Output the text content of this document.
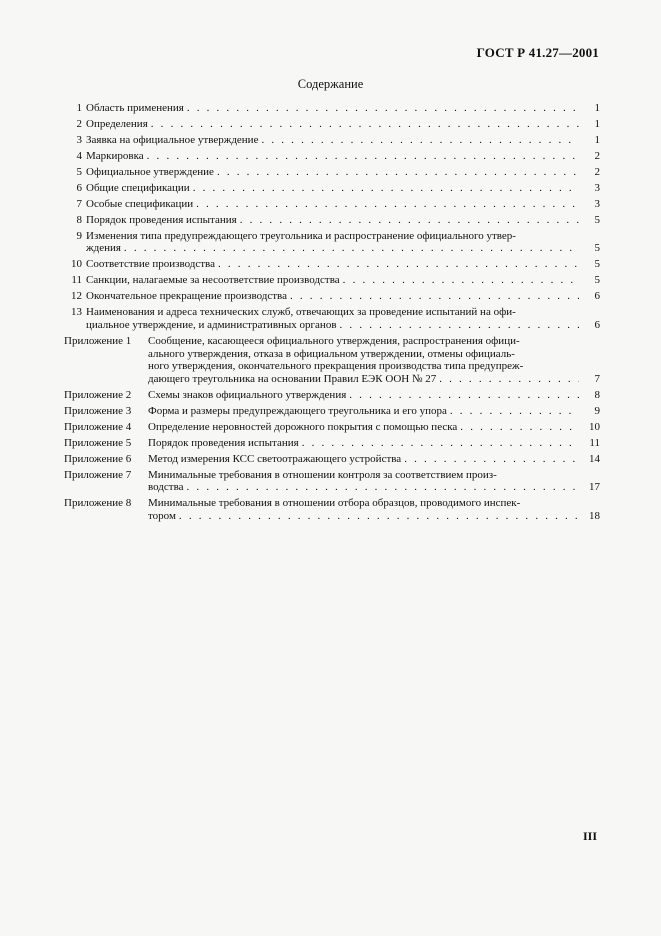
ГОСТ Р 41.27—2001
Содержание
1 Область применения . . .	1
2 Определения . . .	1
3 Заявка на официальное утверждение . . .	1
4 Маркировка . . .	2
5 Официальное утверждение . . .	2
6 Общие спецификации . . .	3
7 Особые спецификации . . .	3
8 Порядок проведения испытания . . .	5
9 Изменения типа предупреждающего треугольника и распространение официального утвер-
ждения . . .	5
10 Соответствие производства . . .	5
11 Санкции, налагаемые за несоответствие производства . . .	5
12 Окончательное прекращение производства . . .	6
13 Наименования и адреса технических служб, отвечающих за проведение испытаний на офи-
циальное утверждение, и административных органов . . .	6
Приложение 1	Сообщение, касающееся официального утверждения, распространения офици-
ального утверждения, отказа в официальном утверждении, отмены официаль-
ного утверждения, окончательного прекращения производства типа предупреж-
дающего треугольника на основании Правил ЕЭК ООН № 27 . . .	7
Приложение 2	Схемы знаков официального утверждения . . .	8
Приложение 3	Форма и размеры предупреждающего треугольника и его упора . . .	9
Приложение 4	Определение неровностей дорожного покрытия с помощью песка . . .	10
Приложение 5	Порядок проведения испытания . . .	11
Приложение 6	Метод измерения КСС светоотражающего устройства . . .	14
Приложение 7	Минимальные требования в отношении контроля за соответствием произ-
водства . . .	17
Приложение 8	Минимальные требования в отношении отбора образцов, проводимого инспек-
тором . . .	18
III
